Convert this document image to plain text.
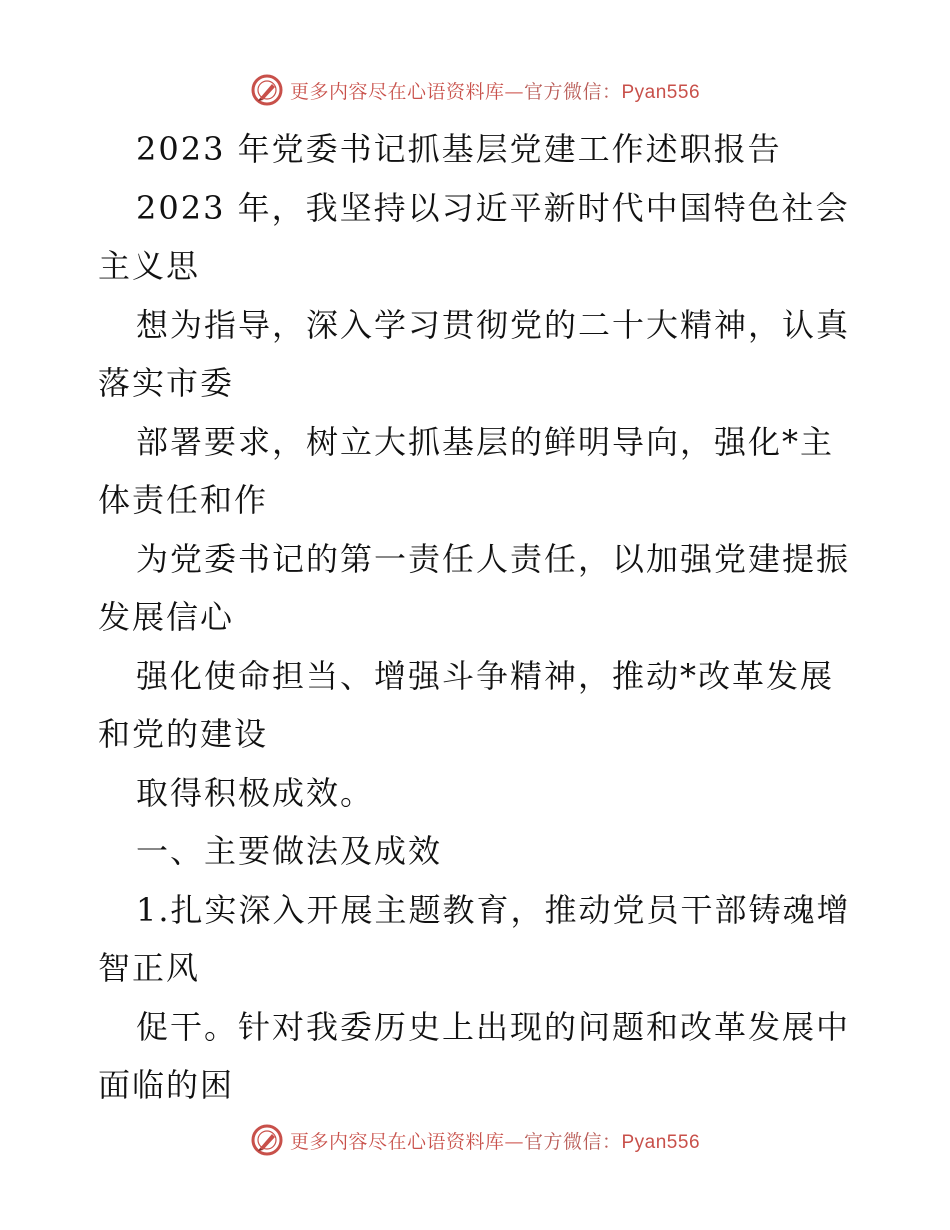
更多内容尽在心语资料库—官方微信：Pyan556
2023 年党委书记抓基层党建工作述职报告
2023 年，我坚持以习近平新时代中国特色社会
主义思
想为指导，深入学习贯彻党的二十大精神，认真
落实市委
部署要求，树立大抓基层的鲜明导向，强化*主
体责任和作
为党委书记的第一责任人责任，以加强党建提振
发展信心
强化使命担当、增强斗争精神，推动*改革发展
和党的建设
取得积极成效。
一、主要做法及成效
1.扎实深入开展主题教育，推动党员干部铸魂增
智正风
促干。针对我委历史上出现的问题和改革发展中
面临的困
更多内容尽在心语资料库—官方微信：Pyan556
